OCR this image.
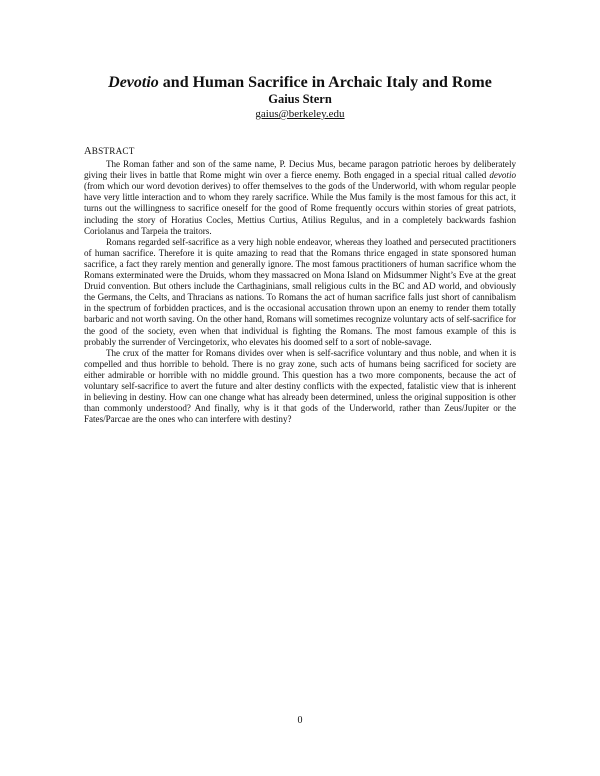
Devotio and Human Sacrifice in Archaic Italy and Rome

Gaius Stern

gaius@berkeley.edu

ABSTRACT

The Roman father and son of the same name, P. Decius Mus, became paragon patriotic heroes by deliberately giving their lives in battle that Rome might win over a fierce enemy. Both engaged in a special ritual called devotio (from which our word devotion derives) to offer themselves to the gods of the Underworld, with whom regular people have very little interaction and to whom they rarely sacrifice. While the Mus family is the most famous for this act, it turns out the willingness to sacrifice oneself for the good of Rome frequently occurs within stories of great patriots, including the story of Horatius Cocles, Mettius Curtius, Atilius Regulus, and in a completely backwards fashion Coriolanus and Tarpeia the traitors.

Romans regarded self-sacrifice as a very high noble endeavor, whereas they loathed and persecuted practitioners of human sacrifice. Therefore it is quite amazing to read that the Romans thrice engaged in state sponsored human sacrifice, a fact they rarely mention and generally ignore. The most famous practitioners of human sacrifice whom the Romans exterminated were the Druids, whom they massacred on Mona Island on Midsummer Night’s Eve at the great Druid convention. But others include the Carthaginians, small religious cults in the BC and AD world, and obviously the Germans, the Celts, and Thracians as nations. To Romans the act of human sacrifice falls just short of cannibalism in the spectrum of forbidden practices, and is the occasional accusation thrown upon an enemy to render them totally barbaric and not worth saving. On the other hand, Romans will sometimes recognize voluntary acts of self-sacrifice for the good of the society, even when that individual is fighting the Romans. The most famous example of this is probably the surrender of Vercingetorix, who elevates his doomed self to a sort of noble-savage.

The crux of the matter for Romans divides over when is self-sacrifice voluntary and thus noble, and when it is compelled and thus horrible to behold. There is no gray zone, such acts of humans being sacrificed for society are either admirable or horrible with no middle ground. This question has a two more components, because the act of voluntary self-sacrifice to avert the future and alter destiny conflicts with the expected, fatalistic view that is inherent in believing in destiny. How can one change what has already been determined, unless the original supposition is other than commonly understood? And finally, why is it that gods of the Underworld, rather than Zeus/Jupiter or the Fates/Parcae are the ones who can interfere with destiny?

0
